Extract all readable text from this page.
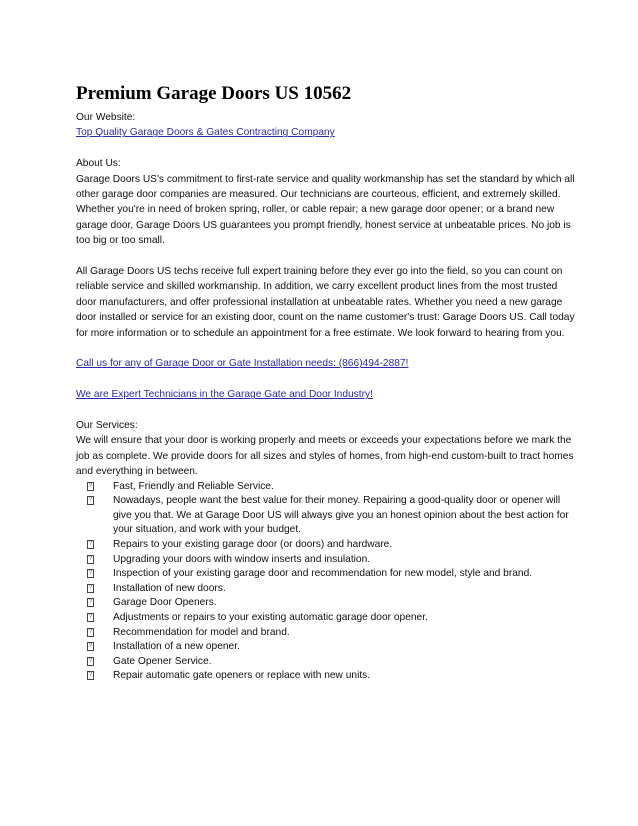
Premium Garage Doors US 10562

Our Website:

Top Quality Garage Doors & Gates Contracting Company

About Us:

Garage Doors US's commitment to first-rate service and quality workmanship has set the standard by which all other garage door companies are measured. Our technicians are courteous, efficient, and extremely skilled. Whether you're in need of broken spring, roller, or cable repair; a new garage door opener; or a brand new garage door, Garage Doors US guarantees you prompt friendly, honest service at unbeatable prices. No job is too big or too small.

All Garage Doors US techs receive full expert training before they ever go into the field, so you can count on reliable service and skilled workmanship. In addition, we carry excellent product lines from the most trusted door manufacturers, and offer professional installation at unbeatable rates. Whether you need a new garage door installed or service for an existing door, count on the name customer's trust: Garage Doors US. Call today for more information or to schedule an appointment for a free estimate. We look forward to hearing from you.

Call us for any of Garage Door or Gate Installation needs: (866)494-2887!

We are Expert Technicians in the Garage Gate and Door Industry!

Our Services:

We will ensure that your door is working properly and meets or exceeds your expectations before we mark the job as complete. We provide doors for all sizes and styles of homes, from high-end custom-built to tract homes and everything in between.

? Fast, Friendly and Reliable Service.
? Nowadays, people want the best value for their money. Repairing a good-quality door or opener will give you that. We at Garage Door US will always give you an honest opinion about the best action for your situation, and work with your budget.
? Repairs to your existing garage door (or doors) and hardware.
? Upgrading your doors with window inserts and insulation.
? Inspection of your existing garage door and recommendation for new model, style and brand.
? Installation of new doors.
? Garage Door Openers.
? Adjustments or repairs to your existing automatic garage door opener.
? Recommendation for model and brand.
? Installation of a new opener.
? Gate Opener Service.
? Repair automatic gate openers or replace with new units.
